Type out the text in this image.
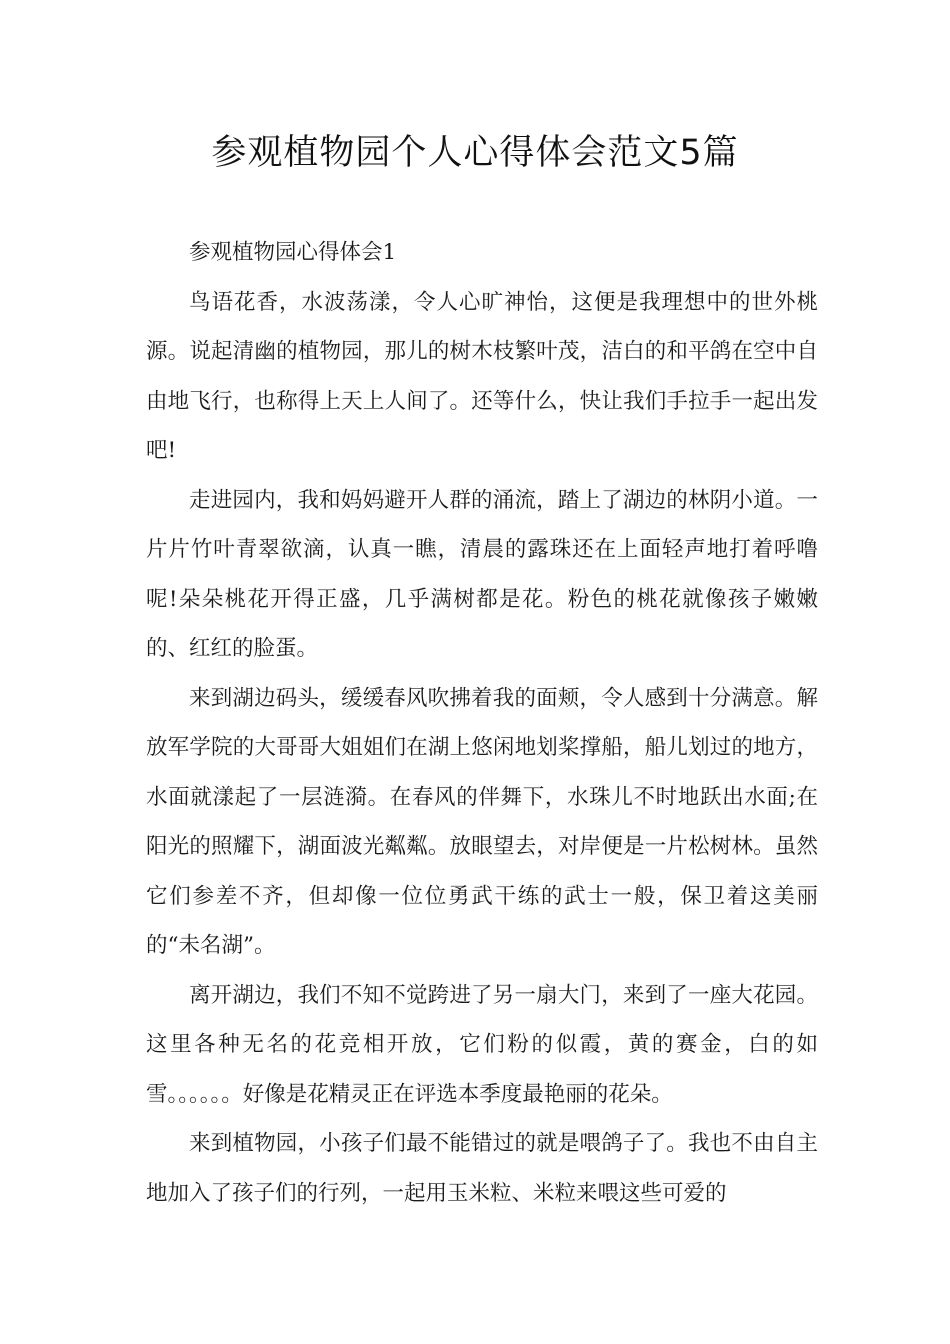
参观植物园个人心得体会范文5篇

参观植物园心得体会1

鸟语花香，水波荡漾，令人心旷神怡，这便是我理想中的世外桃源。说起清幽的植物园，那儿的树木枝繁叶茂，洁白的和平鸽在空中自由地飞行，也称得上天上人间了。还等什么，快让我们手拉手一起出发吧!

走进园内，我和妈妈避开人群的涌流，踏上了湖边的林阴小道。一片片竹叶青翠欲滴，认真一瞧，清晨的露珠还在上面轻声地打着呼噜呢!朵朵桃花开得正盛，几乎满树都是花。粉色的桃花就像孩子嫩嫩的、红红的脸蛋。

来到湖边码头，缓缓春风吹拂着我的面颊，令人感到十分满意。解放军学院的大哥哥大姐姐们在湖上悠闲地划桨撑船，船儿划过的地方，水面就漾起了一层涟漪。在春风的伴舞下，水珠儿不时地跃出水面;在阳光的照耀下，湖面波光粼粼。放眼望去，对岸便是一片松树林。虽然它们参差不齐，但却像一位位勇武干练的武士一般，保卫着这美丽的“未名湖”。

离开湖边，我们不知不觉跨进了另一扇大门，来到了一座大花园。这里各种无名的花竞相开放，它们粉的似霞，黄的赛金，白的如雪。。。。。。好像是花精灵正在评选本季度最艳丽的花朵。

来到植物园，小孩子们最不能错过的就是喂鸽子了。我也不由自主地加入了孩子们的行列，一起用玉米粒、米粒来喂这些可爱的
